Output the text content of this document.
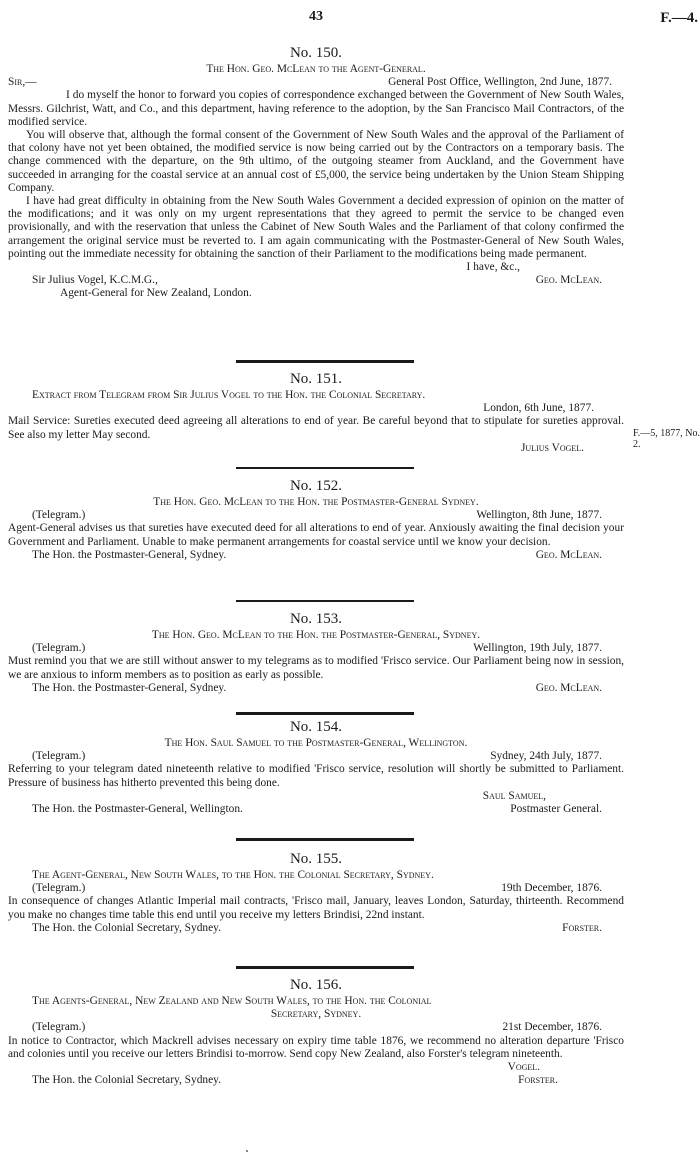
43	F.—4.
No. 150.
The Hon. Geo. McLean to the Agent-General.
Sir,—	General Post Office, Wellington, 2nd June, 1877.

I do myself the honor to forward you copies of correspondence exchanged between the Government of New South Wales, Messrs. Gilchrist, Watt, and Co., and this department, having reference to the adoption, by the San Francisco Mail Contractors, of the modified service.

You will observe that, although the formal consent of the Government of New South Wales and the approval of the Parliament of that colony have not yet been obtained, the modified service is now being carried out by the Contractors on a temporary basis. The change commenced with the departure, on the 9th ultimo, of the outgoing steamer from Auckland, and the Government have succeeded in arranging for the coastal service at an annual cost of £5,000, the service being undertaken by the Union Steam Shipping Company.

I have had great difficulty in obtaining from the New South Wales Government a decided expression of opinion on the matter of the modifications; and it was only on my urgent representations that they agreed to permit the service to be changed even provisionally, and with the reservation that unless the Cabinet of New South Wales and the Parliament of that colony confirmed the arrangement the original service must be reverted to. I am again communicating with the Postmaster-General of New South Wales, pointing out the immediate necessity for obtaining the sanction of their Parliament to the modifications being made permanent.

I have, &c.,
Sir Julius Vogel, K.C.M.G.,	Geo. McLean.
Agent-General for New Zealand, London.
No. 151.
Extract from Telegram from Sir Julius Vogel to the Hon. the Colonial Secretary.
London, 6th June, 1877.

Mail Service: Sureties executed deed agreeing all alterations to end of year. Be careful beyond that to stipulate for sureties approval. See also my letter May second.

Julius Vogel.
F.—5, 1877, No. 2.
No. 152.
The Hon. Geo. McLean to the Hon. the Postmaster-General Sydney.
(Telegram.)	Wellington, 8th June, 1877.

Agent-General advises us that sureties have executed deed for all alterations to end of year. Anxiously awaiting the final decision your Government and Parliament. Unable to make permanent arrangements for coastal service until we know your decision.

The Hon. the Postmaster-General, Sydney.	Geo. McLean.
No. 153.
The Hon. Geo. McLean to the Hon. the Postmaster-General, Sydney.
(Telegram.)	Wellington, 19th July, 1877.

Must remind you that we are still without answer to my telegrams as to modified 'Frisco service. Our Parliament being now in session, we are anxious to inform members as to position as early as possible.

The Hon. the Postmaster-General, Sydney.	Geo. McLean.
No. 154.
The Hon. Saul Samuel to the Postmaster-General, Wellington.
(Telegram.)	Sydney, 24th July, 1877.

Referring to your telegram dated nineteenth relative to modified 'Frisco service, resolution will shortly be submitted to Parliament. Pressure of business has hitherto prevented this being done.

Saul Samuel,
The Hon. the Postmaster-General, Wellington.	Postmaster General.
No. 155.
The Agent-General, New South Wales, to the Hon. the Colonial Secretary, Sydney.
(Telegram.)	19th December, 1876.

In consequence of changes Atlantic Imperial mail contracts, 'Frisco mail, January, leaves London, Saturday, thirteenth. Recommend you make no changes time table this end until you receive my letters Brindisi, 22nd instant.

The Hon. the Colonial Secretary, Sydney.	Forster.
No. 156.
The Agents-General, New Zealand and New South Wales, to the Hon. the Colonial
Secretary, Sydney.
(Telegram.)	21st December, 1876.

In notice to Contractor, which Mackrell advises necessary on expiry time table 1876, we recommend no alteration departure 'Frisco and colonies until you receive our letters Brindisi to-morrow. Send copy New Zealand, also Forster's telegram nineteenth.

Vogel.
The Hon. the Colonial Secretary, Sydney.	Forster.
